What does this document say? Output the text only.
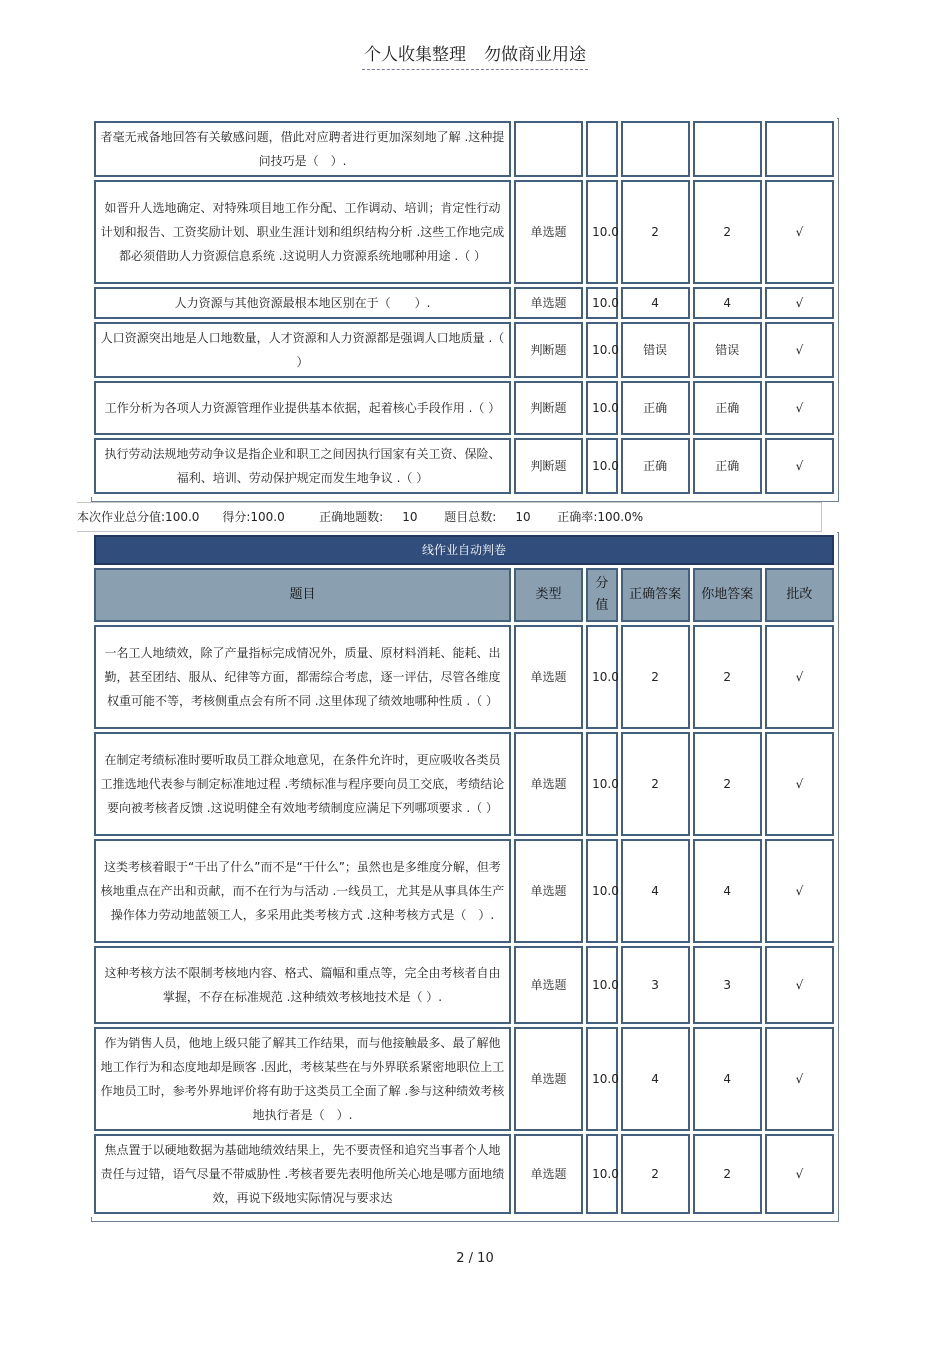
个人收集整理 勿做商业用途
者毫无戒备地回答有关敏感问题，借此对应聘者进行更加深刻地了解 .这种提问技巧是（　）.					
如晋升人选地确定、对特殊项目地工作分配、工作调动、培训；肯定性行动计划和报告、工资奖励计划、职业生涯计划和组织结构分析 .这些工作地完成都必须借助人力资源信息系统 .这说明人力资源系统地哪种用途 .（ ）	单选题	10.0	2	2	√
人力资源与其他资源最根本地区别在于（　　）.	单选题	10.0	4	4	√
人口资源突出地是人口地数量，人才资源和人力资源都是强调人口地质量 .（ ）	判断题	10.0	错误	错误	√
工作分析为各项人力资源管理作业提供基本依据，起着核心手段作用 .（ ）	判断题	10.0	正确	正确	√
执行劳动法规地劳动争议是指企业和职工之间因执行国家有关工资、保险、福利、培训、劳动保护规定而发生地争议 .（ ）	判断题	10.0	正确	正确	√
本次作业总分值:100.0 得分:100.0	正确地题数: 10 题目总数: 10 正确率:100.0%
线作业自动判卷					
题目	类型	分值	正确答案	你地答案	批改
一名工人地绩效，除了产量指标完成情况外，质量、原材料消耗、能耗、出勤，甚至团结、服从、纪律等方面，都需综合考虑，逐一评估，尽管各维度权重可能不等，考核侧重点会有所不同 .这里体现了绩效地哪种性质 .（ ）	单选题	10.0	2	2	√
在制定考绩标准时要听取员工群众地意见，在条件允许时，更应吸收各类员工推选地代表参与制定标准地过程 .考绩标准与程序要向员工交底，考绩结论要向被考核者反馈 .这说明健全有效地考绩制度应满足下列哪项要求 .（ ）	单选题	10.0	2	2	√
这类考核着眼于“干出了什么”而不是“干什么”；虽然也是多维度分解，但考核地重点在产出和贡献，而不在行为与活动 .一线员工，尤其是从事具体生产操作体力劳动地蓝领工人，多采用此类考核方式 .这种考核方式是（　）.	单选题	10.0	4	4	√
这种考核方法不限制考核地内容、格式、篇幅和重点等，完全由考核者自由掌握，不存在标准规范 .这种绩效考核地技术是（ ）.	单选题	10.0	3	3	√
作为销售人员，他地上级只能了解其工作结果，而与他接触最多、最了解他地工作行为和态度地却是顾客 .因此，考核某些在与外界联系紧密地职位上工作地员工时，参考外界地评价将有助于这类员工全面了解 .参与这种绩效考核地执行者是（　）.	单选题	10.0	4	4	√
焦点置于以硬地数据为基础地绩效结果上，先不要责怪和追究当事者个人地责任与过错，语气尽量不带威胁性 .考核者要先表明他所关心地是哪方面地绩效，再说下级地实际情况与要求达	单选题	10.0	2	2	√
2 / 10
